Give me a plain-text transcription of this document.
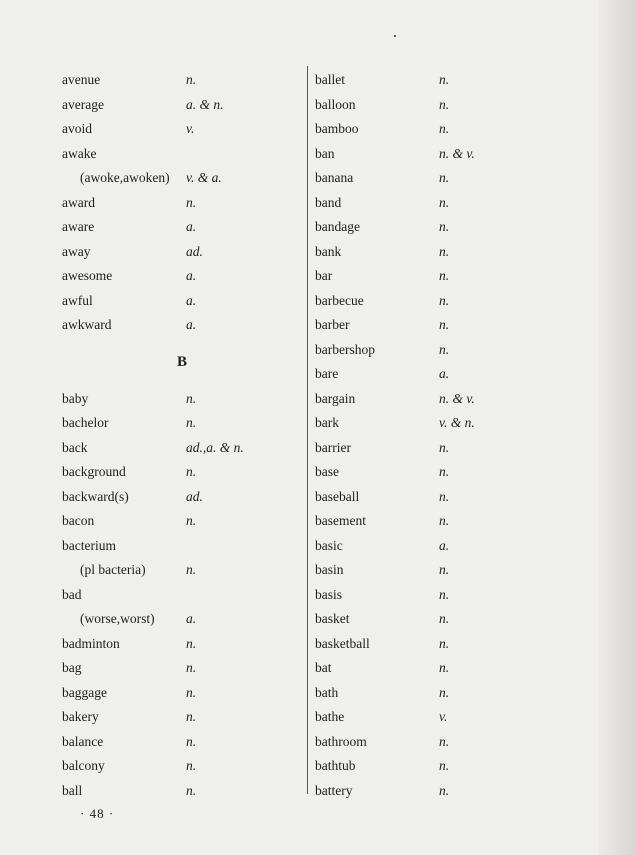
avenue	n.
average	a. & n.
avoid	v.
awake
(awoke,awoken) v. & a.
award	n.
aware	a.
away	ad.
awesome	a.
awful	a.
awkward	a.
B
baby	n.
bachelor	n.
back	ad.,a. & n.
background	n.
backward(s)	ad.
bacon	n.
bacterium
(pl bacteria)	n.
bad
(worse,worst) a.
badminton	n.
bag	n.
baggage	n.
bakery	n.
balance	n.
balcony	n.
ball	n.
ballet	n.
balloon	n.
bamboo	n.
ban	n. & v.
banana	n.
band	n.
bandage	n.
bank	n.
bar	n.
barbecue	n.
barber	n.
barbershop	n.
bare	a.
bargain	n. & v.
bark	v. & n.
barrier	n.
base	n.
baseball	n.
basement	n.
basic	a.
basin	n.
basis	n.
basket	n.
basketball	n.
bat	n.
bath	n.
bathe	v.
bathroom	n.
bathtub	n.
battery	n.
· 48 ·
